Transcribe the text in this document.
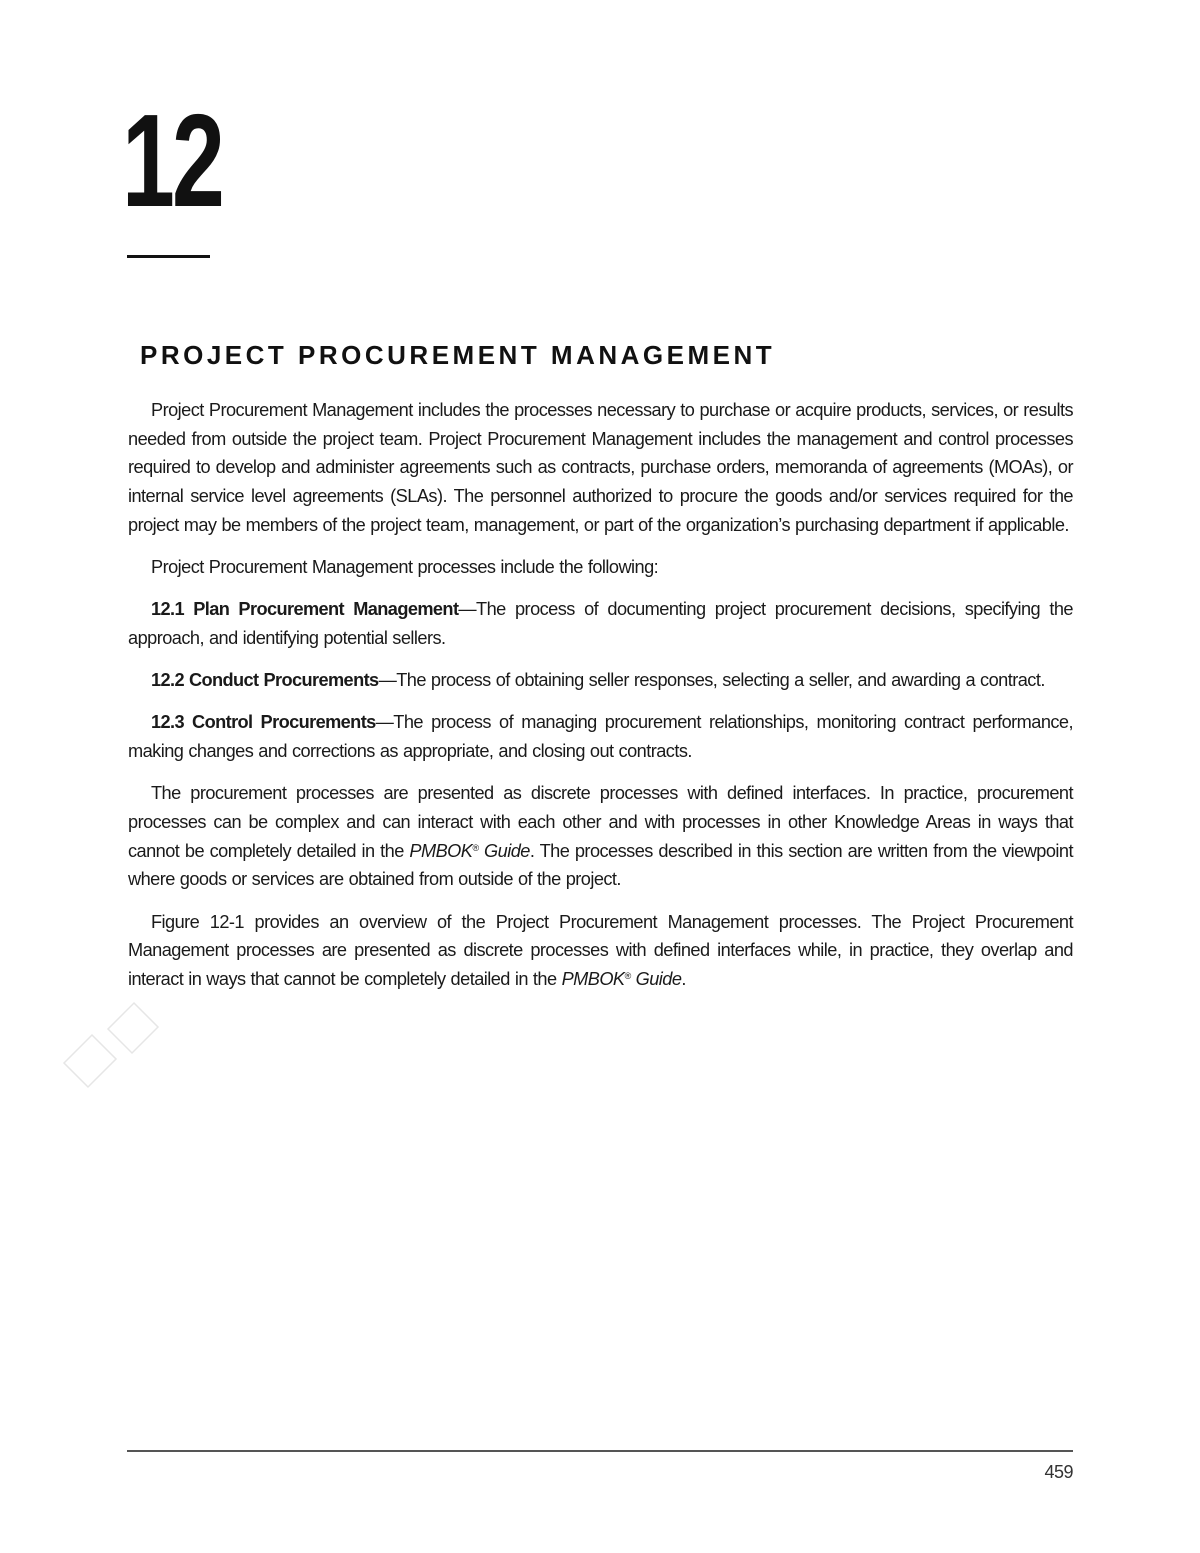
12
PROJECT PROCUREMENT MANAGEMENT

Project Procurement Management includes the processes necessary to purchase or acquire products, services, or results needed from outside the project team. Project Procurement Management includes the management and control processes required to develop and administer agreements such as contracts, purchase orders, memoranda of agreements (MOAs), or internal service level agreements (SLAs). The personnel authorized to procure the goods and/or services required for the project may be members of the project team, management, or part of the organization’s purchasing department if applicable.

Project Procurement Management processes include the following:

12.1 Plan Procurement Management—The process of documenting project procurement decisions, specifying the approach, and identifying potential sellers.

12.2 Conduct Procurements—The process of obtaining seller responses, selecting a seller, and awarding a contract.

12.3 Control Procurements—The process of managing procurement relationships, monitoring contract performance, making changes and corrections as appropriate, and closing out contracts.

The procurement processes are presented as discrete processes with defined interfaces. In practice, procurement processes can be complex and can interact with each other and with processes in other Knowledge Areas in ways that cannot be completely detailed in the PMBOK® Guide. The processes described in this section are written from the viewpoint where goods or services are obtained from outside of the project.

Figure 12-1 provides an overview of the Project Procurement Management processes. The Project Procurement Management processes are presented as discrete processes with defined interfaces while, in practice, they overlap and interact in ways that cannot be completely detailed in the PMBOK® Guide.

459
